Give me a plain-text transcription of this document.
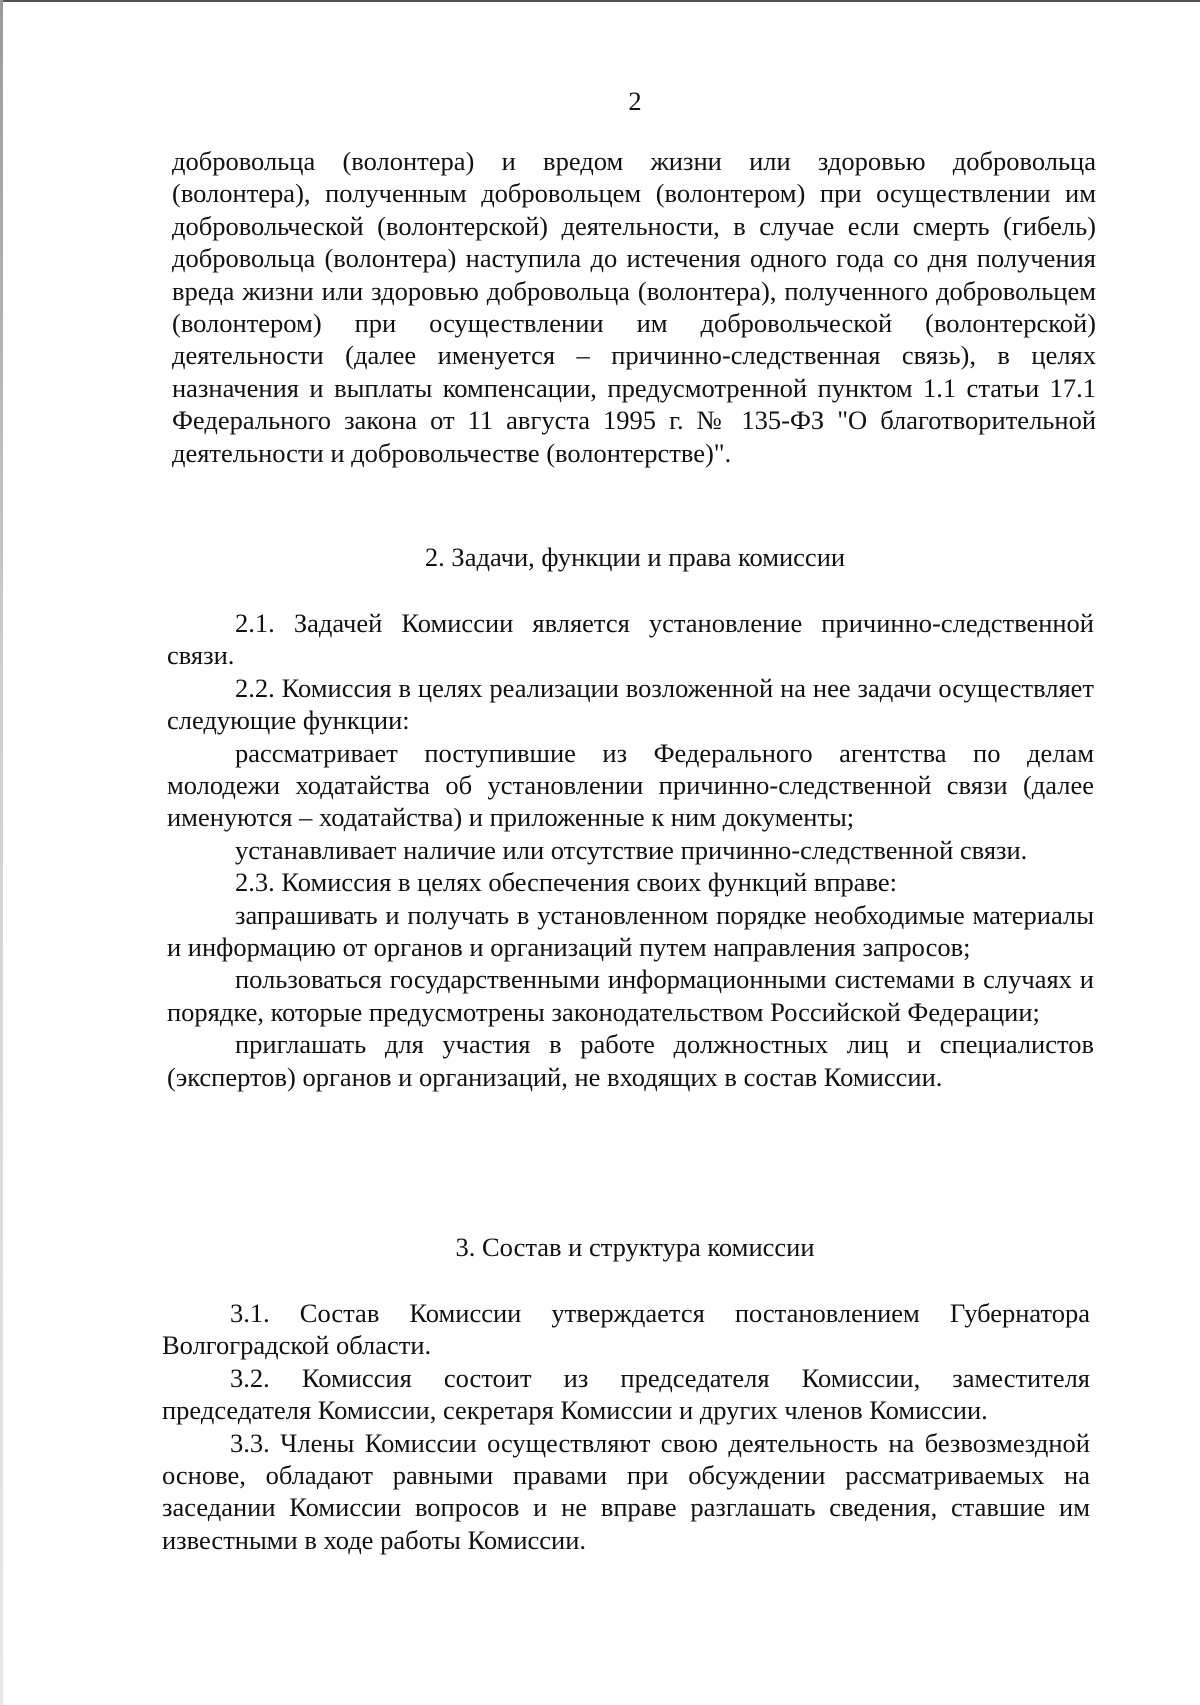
2

добровольца (волонтера) и вредом жизни или здоровью добровольца (волонтера), полученным добровольцем (волонтером) при осуществлении им добровольческой (волонтерской) деятельности, в случае если смерть (гибель) добровольца (волонтера) наступила до истечения одного года со дня получения вреда жизни или здоровью добровольца (волонтера), полученного добровольцем (волонтером) при осуществлении им добровольческой (волонтерской) деятельности (далее именуется – причинно-следственная связь), в целях назначения и выплаты компенсации, предусмотренной пунктом 1.1 статьи 17.1 Федерального закона от 11 августа 1995 г. № 135-ФЗ "О благотворительной деятельности и добровольчестве (волонтерстве)".

2. Задачи, функции и права комиссии

2.1. Задачей Комиссии является установление причинно-следственной связи.

2.2. Комиссия в целях реализации возложенной на нее задачи осуществляет следующие функции:

рассматривает поступившие из Федерального агентства по делам молодежи ходатайства об установлении причинно-следственной связи (далее именуются – ходатайства) и приложенные к ним документы;

устанавливает наличие или отсутствие причинно-следственной связи.

2.3. Комиссия в целях обеспечения своих функций вправе:

запрашивать и получать в установленном порядке необходимые материалы и информацию от органов и организаций путем направления запросов;

пользоваться государственными информационными системами в случаях и порядке, которые предусмотрены законодательством Российской Федерации;

приглашать для участия в работе должностных лиц и специалистов (экспертов) органов и организаций, не входящих в состав Комиссии.

3. Состав и структура комиссии

3.1. Состав Комиссии утверждается постановлением Губернатора Волгоградской области.

3.2. Комиссия состоит из председателя Комиссии, заместителя председателя Комиссии, секретаря Комиссии и других членов Комиссии.

3.3. Члены Комиссии осуществляют свою деятельность на безвозмездной основе, обладают равными правами при обсуждении рассматриваемых на заседании Комиссии вопросов и не вправе разглашать сведения, ставшие им известными в ходе работы Комиссии.
